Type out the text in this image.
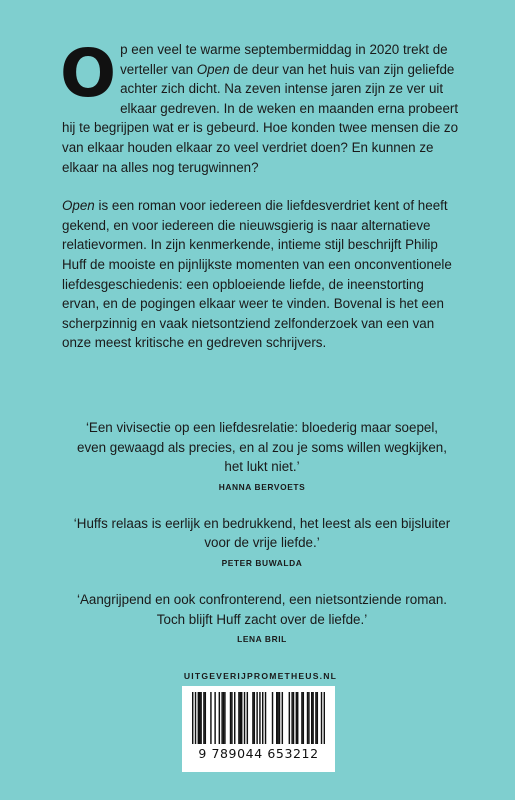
Op een veel te warme septembermiddag in 2020 trekt de verteller van Open de deur van het huis van zijn geliefde achter zich dicht. Na zeven intense jaren zijn ze ver uit elkaar gedreven. In de weken en maanden erna probeert hij te begrijpen wat er is gebeurd. Hoe konden twee mensen die zo van elkaar houden elkaar zo veel verdriet doen? En kunnen ze elkaar na alles nog terugwinnen?

Open is een roman voor iedereen die liefdesverdriet kent of heeft gekend, en voor iedereen die nieuwsgierig is naar alternatieve relatievormen. In zijn kenmerkende, intieme stijl beschrijft Philip Huff de mooiste en pijnlijkste momenten van een onconventionele liefdesgeschiedenis: een opbloeiende liefde, de ineenstorting ervan, en de pogingen elkaar weer te vinden. Bovenal is het een scherpzinnig en vaak nietsontziend zelfonderzoek van een van onze meest kritische en gedreven schrijvers.

‘Een vivisectie op een liefdesrelatie: bloederig maar soepel,
even gewaagd als precies, en al zou je soms willen wegkijken,
het lukt niet.’
HANNA BERVOETS
‘Huffs relaas is eerlijk en bedrukkend, het leest als een bijsluiter
voor de vrije liefde.’
PETER BUWALDA
‘Aangrijpend en ook confronterend, een nietsontziende roman.
Toch blijft Huff zacht over de liefde.’
LENA BRIL
UITGEVERIJPROMETHEUS.NL
9 789044 653212
